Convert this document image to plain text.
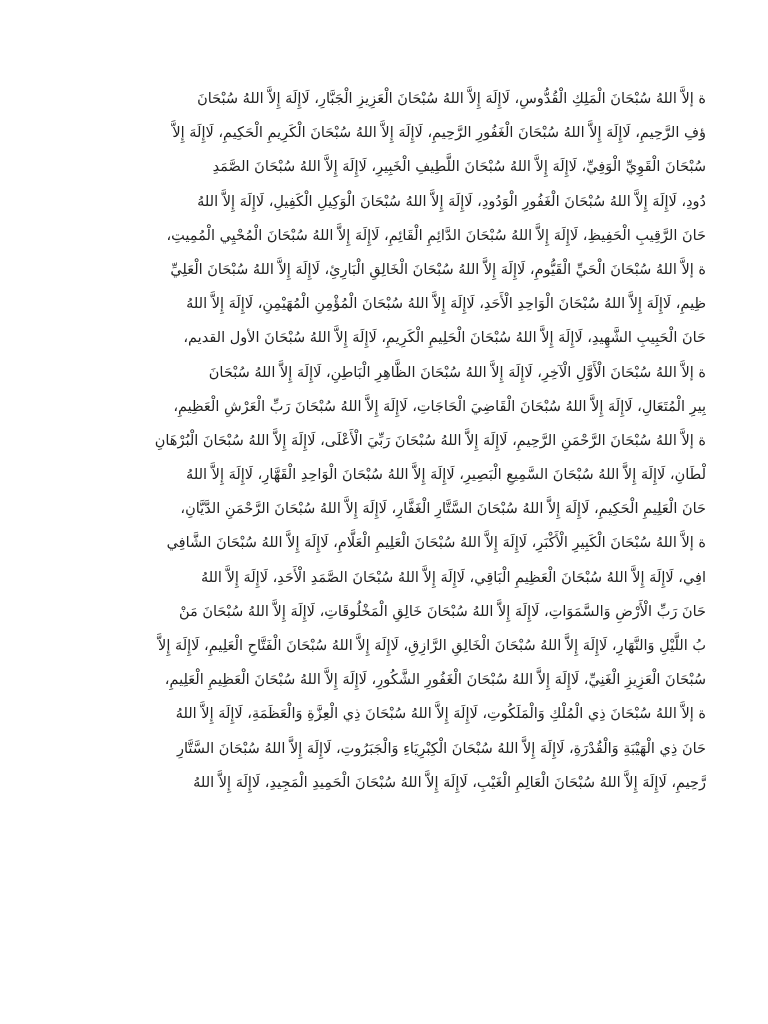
ة إلاَّ اللهُ سُبْحَانَ الْمَلِكِ الْقُدُّوسِ، لَاإِلَهَ إِلاَّ اللهُ سُبْحَانَ الْعَزِيزِ الْجَبَّارِ، لَاإِلَهَ إِلاَّ اللهُ سُبْحَانَ
ؤفِ الرَّحِيمِ، لَاإِلَهَ إِلاَّ اللهُ سُبْحَانَ الْغَفُورِ الرَّحِيمِ، لَاإِلَهَ إِلاَّ اللهُ سُبْحَانَ الْكَرِيمِ الْحَكِيمِ، لَاإِلَهَ إِلاَّ
سُبْحَانَ الْقَوِيِّ الْوَفِيِّ، لَاإِلَهَ إِلاَّ اللهُ سُبْحَانَ اللَّطِيفِ الْخَبِيرِ، لَاإِلَهَ إِلاَّ اللهُ سُبْحَانَ الصَّمَدِ
دُودِ، لَاإِلَهَ إِلاَّ اللهُ سُبْحَانَ الْغَفُورِ الْوَدُودِ، لَاإِلَهَ إِلاَّ اللهُ سُبْحَانَ الْوَكِيلِ الْكَفِيلِ، لَاإِلَهَ إِلاَّ اللهُ
حَانَ الرَّقِيبِ الْحَفِيظِ، لَاإِلَهَ إِلاَّ اللهُ سُبْحَانَ الدَّائِمِ الْقَائِمِ، لَاإِلَهَ إِلاَّ اللهُ سُبْحَانَ الْمُحْيِي الْمُمِيتِ،
ة إلاَّ اللهُ سُبْحَانَ الْحَيِّ الْقَيُّومِ، لَاإِلَهَ إِلاَّ اللهُ سُبْحَانَ الْخَالِقِ الْبَارِئِ، لَاإِلَهَ إِلاَّ اللهُ سُبْحَانَ الْعَلِيِّ
ظِيمِ، لَاإِلَهَ إِلاَّ اللهُ سُبْحَانَ الْوَاحِدِ الْأَحَدِ، لَاإِلَهَ إِلاَّ اللهُ سُبْحَانَ الْمُؤْمِنِ الْمُهَيْمِنِ، لَاإِلَهَ إِلاَّ اللهُ
حَانَ الْحَبِيبِ الشَّهِيدِ، لَاإِلَهَ إِلاَّ اللهُ سُبْحَانَ الْحَلِيمِ الْكَرِيمِ، لَاإِلَهَ إِلاَّ اللهُ سُبْحَانَ الأول القديم،
ة إلاَّ اللهُ سُبْحَانَ الْأَوَّلِ الْآخِرِ، لَاإِلَهَ إِلاَّ اللهُ سُبْحَانَ الظَّاهِرِ الْبَاطِنِ، لَاإِلَهَ إِلاَّ اللهُ سُبْحَانَ
بِيرِ الْمُتَعَالِ، لَاإِلَهَ إِلاَّ اللهُ سُبْحَانَ الْقَاضِيَ الْحَاجَاتِ، لَاإِلَهَ إِلاَّ اللهُ سُبْحَانَ رَبِّ الْعَرْشِ الْعَظِيمِ،
ة إلاَّ اللهُ سُبْحَانَ الرَّحْمَنِ الرَّحِيمِ، لَاإِلَهَ إِلاَّ اللهُ سُبْحَانَ رَبِّيَ الْأَعْلَى، لَاإِلَهَ إِلاَّ اللهُ سُبْحَانَ الْبُرْهَانِ
لْطَانِ، لَاإِلَهَ إِلاَّ اللهُ سُبْحَانَ السَّمِيعِ الْبَصِيرِ، لَاإِلَهَ إِلاَّ اللهُ سُبْحَانَ الْوَاحِدِ الْقَهَّارِ، لَاإِلَهَ إِلاَّ اللهُ
حَانَ الْعَلِيمِ الْحَكِيمِ، لَاإِلَهَ إِلاَّ اللهُ سُبْحَانَ السَّتَّارِ الْغَفَّارِ، لَاإِلَهَ إِلاَّ اللهُ سُبْحَانَ الرَّحْمَنِ الدَّيَّانِ،
ة إلاَّ اللهُ سُبْحَانَ الْكَبِيرِ الْأَكْبَرِ، لَاإِلَهَ إِلاَّ اللهُ سُبْحَانَ الْعَلِيمِ الْعَلَّامِ، لَاإِلَهَ إِلاَّ اللهُ سُبْحَانَ الشَّافِي
افِي، لَاإِلَهَ إِلاَّ اللهُ سُبْحَانَ الْعَظِيمِ الْبَاقِي، لَاإِلَهَ إِلاَّ اللهُ سُبْحَانَ الصَّمَدِ الْأَحَدِ، لَاإِلَهَ إِلاَّ اللهُ
حَانَ رَبِّ الْأَرْضِ وَالسَّمَوَاتِ، لَاإِلَهَ إِلاَّ اللهُ سُبْحَانَ خَالِقِ الْمَخْلُوقَاتِ، لَاإِلَهَ إِلاَّ اللهُ سُبْحَانَ مَنْ
بُ اللَّيْلِ وَالنَّهَارِ، لَاإِلَهَ إِلاَّ اللهُ سُبْحَانَ الْخَالِقِ الرَّازِقِ، لَاإِلَهَ إِلاَّ اللهُ سُبْحَانَ الْفَتَّاحِ الْعَلِيمِ، لَاإِلَهَ إِلاَّ
سُبْحَانَ الْعَزِيزِ الْغَنِيِّ، لَاإِلَهَ إِلاَّ اللهُ سُبْحَانَ الْغَفُورِ الشَّكُورِ، لَاإِلَهَ إِلاَّ اللهُ سُبْحَانَ الْعَظِيمِ الْعَلِيمِ،
ة إلاَّ اللهُ سُبْحَانَ ذِي الْمُلْكِ وَالْمَلَكُوتِ، لَاإِلَهَ إِلاَّ اللهُ سُبْحَانَ ذِي الْعِزَّةِ وَالْعَظَمَةِ، لَاإِلَهَ إِلاَّ اللهُ
حَانَ ذِي الْهَيْبَةِ وَالْقُدْرَةِ، لَاإِلَهَ إِلاَّ اللهُ سُبْحَانَ الْكِبْرِيَاءِ وَالْجَبَرُوتِ، لَاإِلَهَ إِلاَّ اللهُ سُبْحَانَ السَّتَّارِ
رَّحِيمِ، لَاإِلَهَ إِلاَّ اللهُ سُبْحَانَ الْعَالِمِ الْغَيْبِ، لَاإِلَهَ إِلاَّ اللهُ سُبْحَانَ الْحَمِيدِ الْمَجِيدِ، لَاإِلَهَ إِلاَّ اللهُ
